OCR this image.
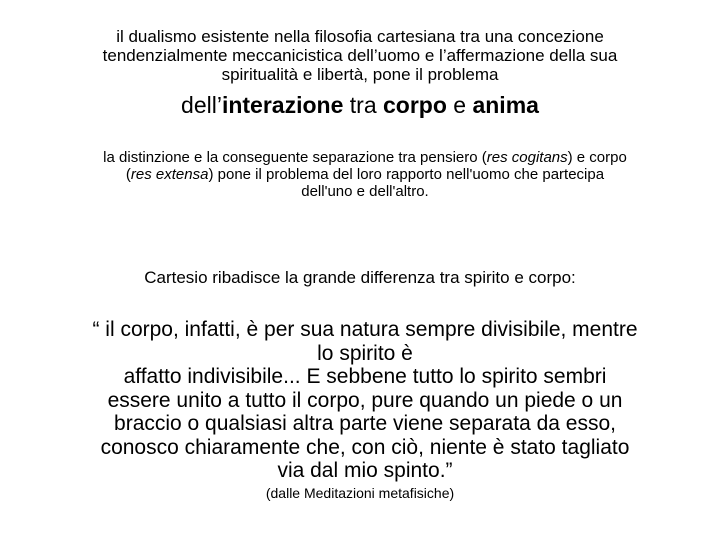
il dualismo esistente nella filosofia cartesiana tra una concezione
tendenzialmente meccanicistica dell’uomo e l’affermazione della sua
spiritualità e libertà, pone il problema
dell’interazione tra corpo e anima
la distinzione e la conseguente separazione tra pensiero (res cogitans) e corpo
(res extensa) pone il problema del loro rapporto nell'uomo che partecipa
dell'uno e dell'altro.
Cartesio ribadisce la grande differenza tra spirito e corpo:
“ il corpo, infatti, è per sua natura sempre divisibile, mentre
lo spirito è
affatto indivisibile... E sebbene tutto lo spirito sembri
essere unito a tutto il corpo, pure quando un piede o un
braccio o qualsiasi altra parte viene separata da esso,
conosco chiaramente che, con ciò, niente è stato tagliato
via dal mio spinto.”
(dalle Meditazioni metafisiche)
